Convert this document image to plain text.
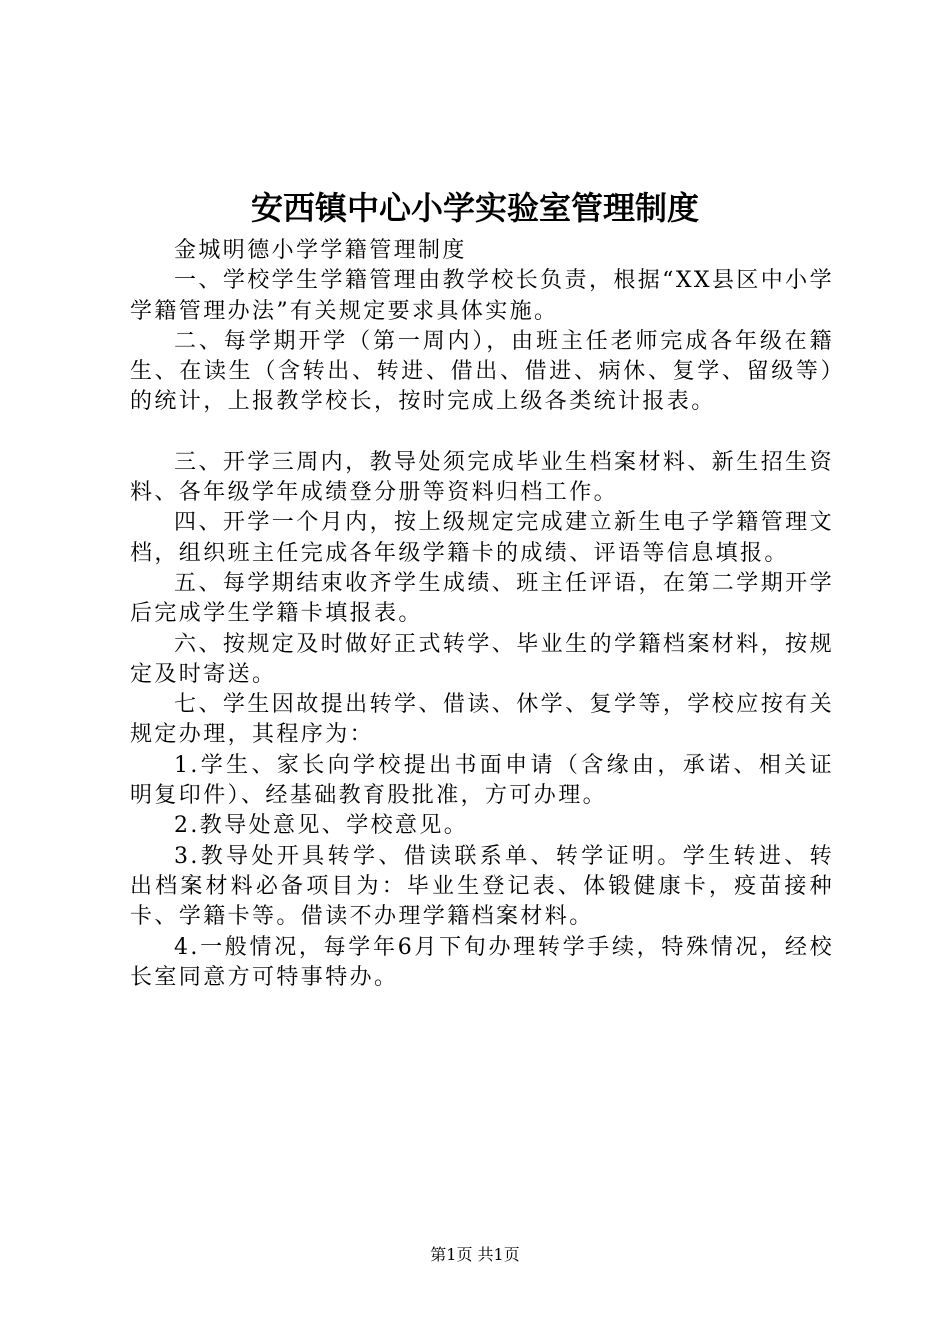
安西镇中心小学实验室管理制度

金城明德小学学籍管理制度

一、学校学生学籍管理由教学校长负责，根据“XX县区中小学学籍管理办法”有关规定要求具体实施。

二、每学期开学（第一周内），由班主任老师完成各年级在籍生、在读生（含转出、转进、借出、借进、病休、复学、留级等）的统计，上报教学校长，按时完成上级各类统计报表。

三、开学三周内，教导处须完成毕业生档案材料、新生招生资料、各年级学年成绩登分册等资料归档工作。

四、开学一个月内，按上级规定完成建立新生电子学籍管理文档，组织班主任完成各年级学籍卡的成绩、评语等信息填报。

五、每学期结束收齐学生成绩、班主任评语，在第二学期开学后完成学生学籍卡填报表。

六、按规定及时做好正式转学、毕业生的学籍档案材料，按规定及时寄送。

七、学生因故提出转学、借读、休学、复学等，学校应按有关规定办理，其程序为：

1.学生、家长向学校提出书面申请（含缘由，承诺、相关证明复印件）、经基础教育股批准，方可办理。

2.教导处意见、学校意见。

3.教导处开具转学、借读联系单、转学证明。学生转进、转出档案材料必备项目为：毕业生登记表、体锻健康卡，疫苗接种卡、学籍卡等。借读不办理学籍档案材料。

4.一般情况，每学年6月下旬办理转学手续，特殊情况，经校长室同意方可特事特办。

第1页 共1页
